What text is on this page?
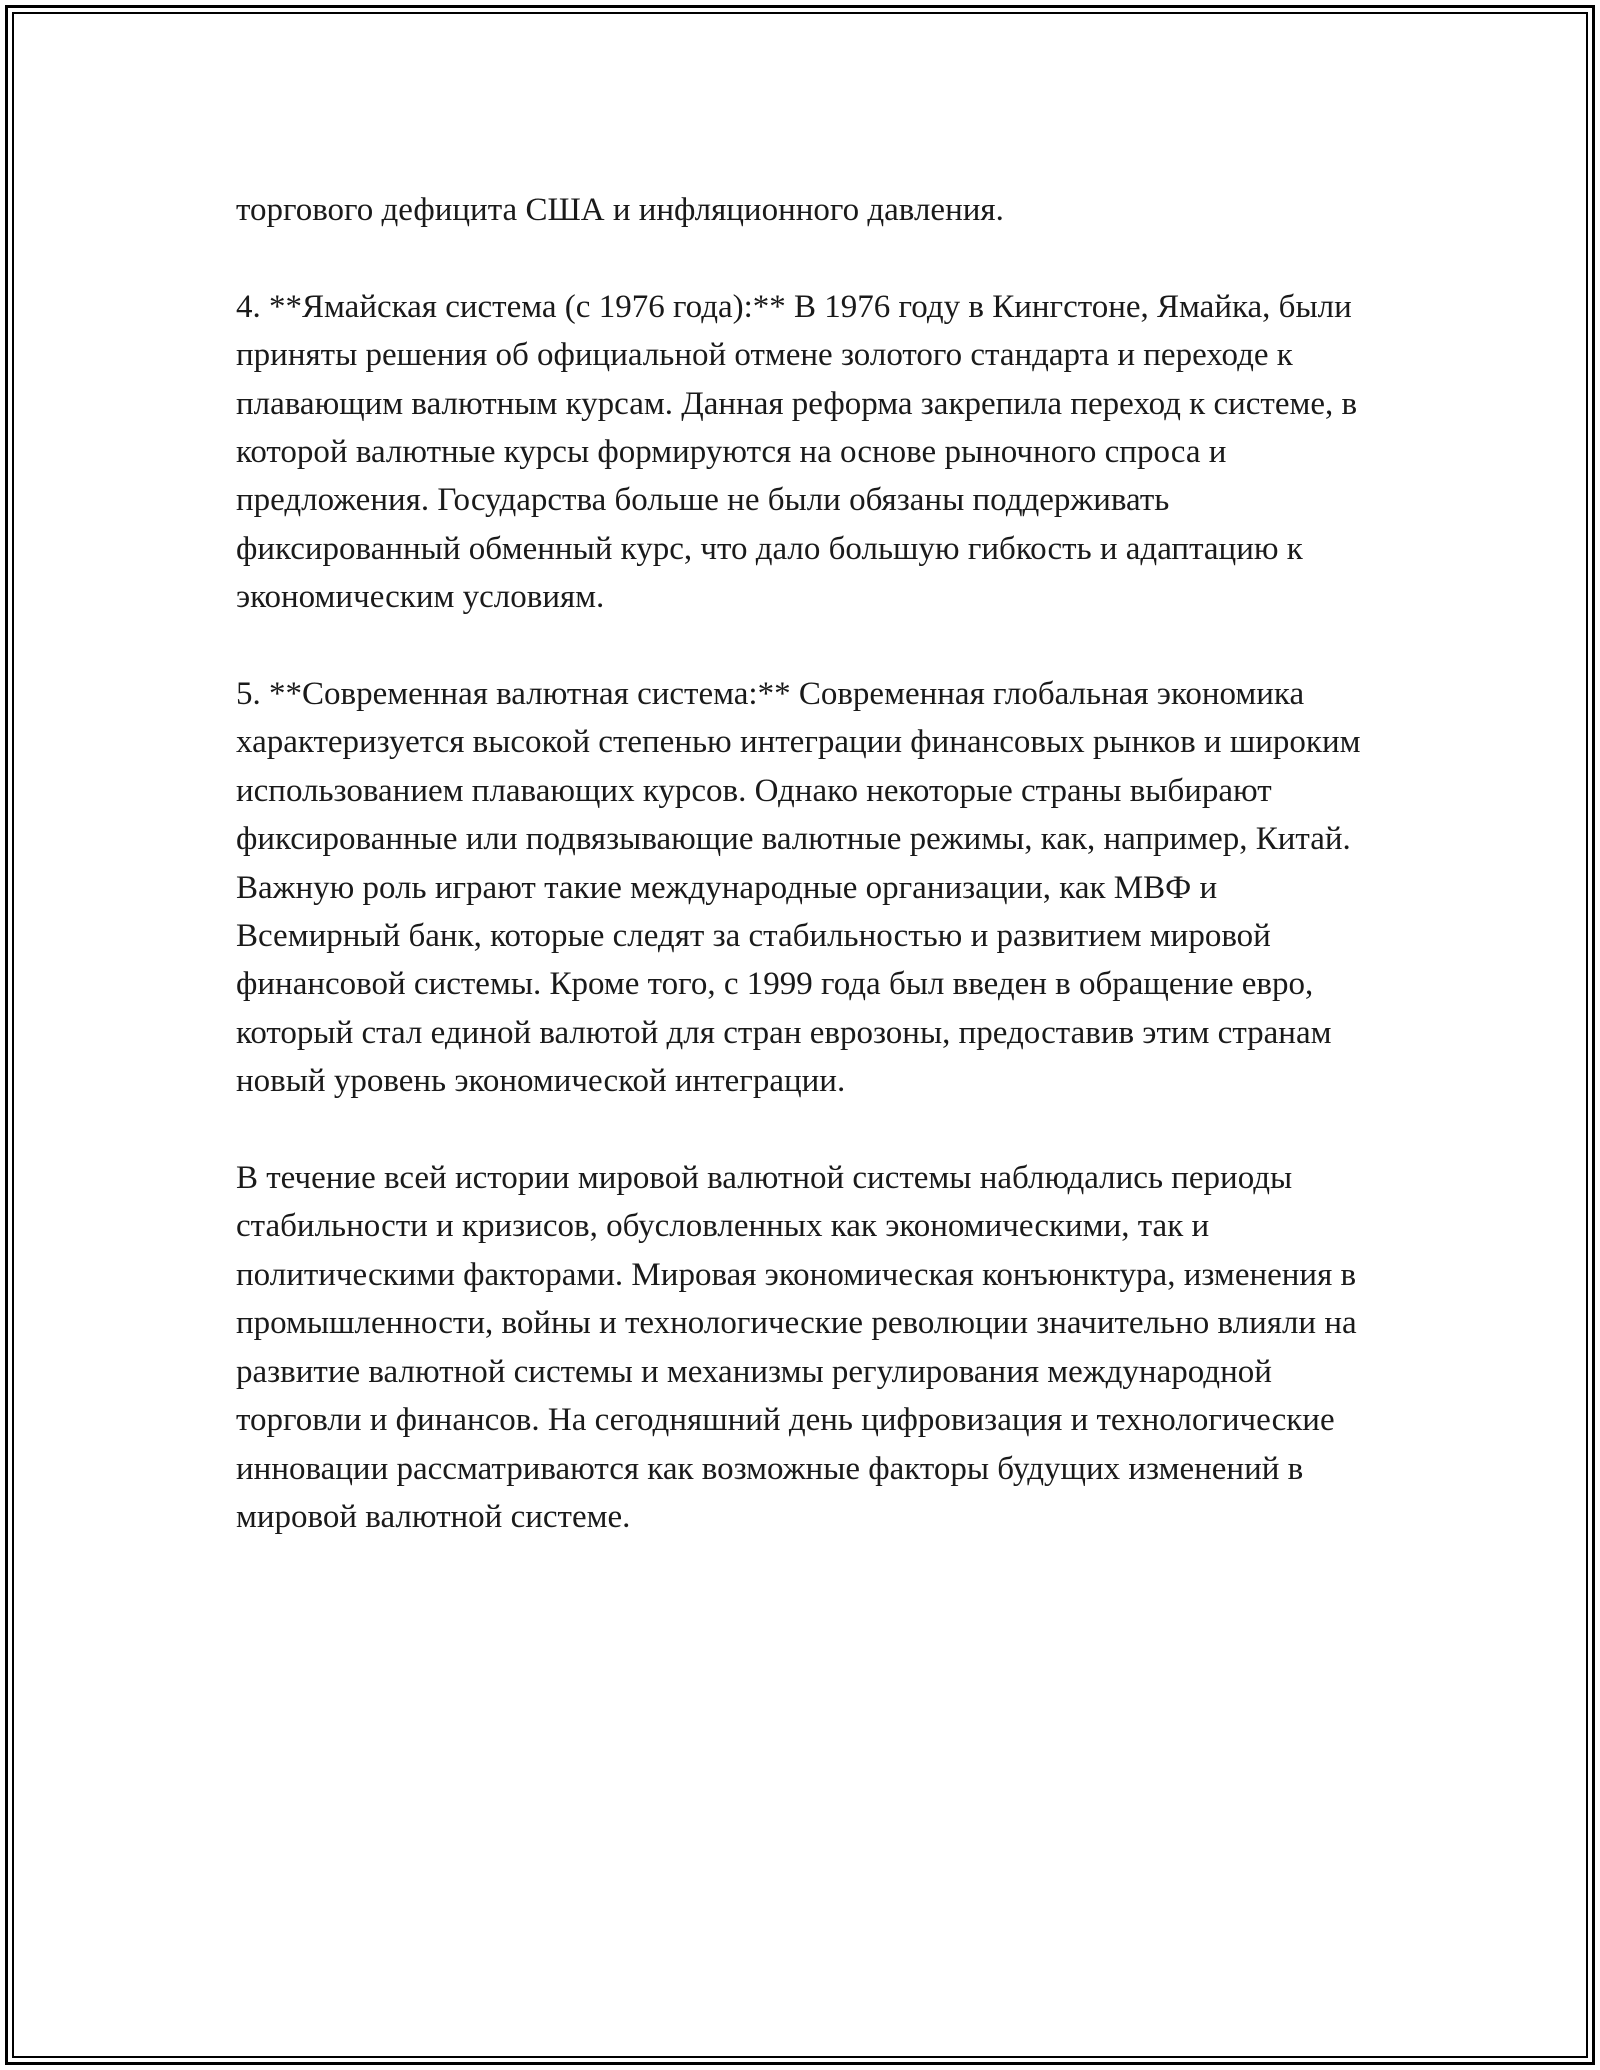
торгового дефицита США и инфляционного давления.

4. **Ямайская система (с 1976 года):** В 1976 году в Кингстоне, Ямайка, были приняты решения об официальной отмене золотого стандарта и переходе к плавающим валютным курсам. Данная реформа закрепила переход к системе, в которой валютные курсы формируются на основе рыночного спроса и предложения. Государства больше не были обязаны поддерживать фиксированный обменный курс, что дало большую гибкость и адаптацию к экономическим условиям.

5. **Современная валютная система:** Современная глобальная экономика характеризуется высокой степенью интеграции финансовых рынков и широким использованием плавающих курсов. Однако некоторые страны выбирают фиксированные или подвязывающие валютные режимы, как, например, Китай. Важную роль играют такие международные организации, как МВФ и Всемирный банк, которые следят за стабильностью и развитием мировой финансовой системы. Кроме того, с 1999 года был введен в обращение евро, который стал единой валютой для стран еврозоны, предоставив этим странам новый уровень экономической интеграции.

В течение всей истории мировой валютной системы наблюдались периоды стабильности и кризисов, обусловленных как экономическими, так и политическими факторами. Мировая экономическая конъюнктура, изменения в промышленности, войны и технологические революции значительно влияли на развитие валютной системы и механизмы регулирования международной торговли и финансов. На сегодняшний день цифровизация и технологические инновации рассматриваются как возможные факторы будущих изменений в мировой валютной системе.
